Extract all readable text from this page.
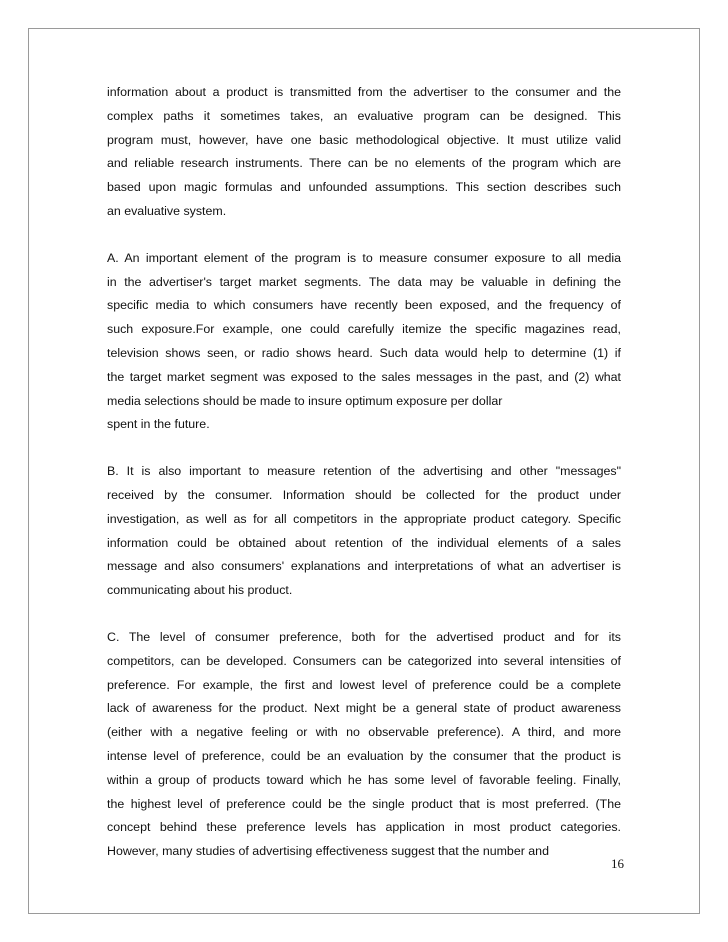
information about a product is transmitted from the advertiser to the consumer and the
complex paths it sometimes takes, an evaluative program can be designed. This
program must, however, have one basic methodological objective. It must utilize valid
and reliable research instruments. There can be no elements of the program which are
based upon magic formulas and unfounded assumptions. This section describes such
an evaluative system.
A. An important element of the program is to measure consumer exposure to all media
in the advertiser's target market segments. The data may be valuable in defining the
specific media to which consumers have recently been exposed, and the frequency of
such exposure.For example, one could carefully itemize the specific magazines read,
television shows seen, or radio shows heard. Such data would help to determine (1) if
the target market segment was exposed to the sales messages in the past, and (2) what
media selections should be made to insure optimum exposure per dollar
spent in the future.
B. It is also important to measure retention of the advertising and other "messages"
received by the consumer. Information should be collected for the product under
investigation, as well as for all competitors in the appropriate product category. Specific
information could be obtained about retention of the individual elements of a sales
message and also consumers' explanations and interpretations of what an advertiser is
communicating about his product.
C. The level of consumer preference, both for the advertised product and for its
competitors, can be developed. Consumers can be categorized into several intensities of
preference. For example, the first and lowest level of preference could be a complete
lack of awareness for the product. Next might be a general state of product awareness
(either with a negative feeling or with no observable preference). A third, and more
intense level of preference, could be an evaluation by the consumer that the product is
within a group of products toward which he has some level of favorable feeling. Finally,
the highest level of preference could be the single product that is most preferred. (The
concept behind these preference levels has application in most product categories.
However, many studies of advertising effectiveness suggest that the number and
16
